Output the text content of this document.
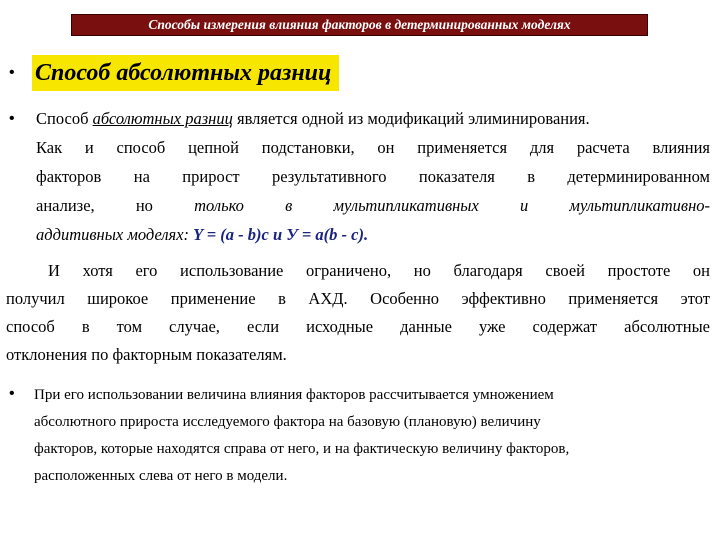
Способы измерения влияния факторов в детерминированных моделях
• Способ абсолютных разниц
• Способ абсолютных разниц является одной из модификаций элиминирования.
Как и способ цепной подстановки, он применяется для расчета влияния
факторов на прирост результативного показателя в детерминированном
анализе, но только в мультипликативных и мультипликативно-
аддитивных моделях: Y = (a - b)c и У = a(b - c).
И хотя его использование ограничено, но благодаря своей простоте он
получил широкое применение в АХД. Особенно эффективно применяется этот
способ в том случае, если исходные данные уже содержат абсолютные
отклонения по факторным показателям.
• При его использовании величина влияния факторов рассчитывается умножением
абсолютного прироста исследуемого фактора на базовую (плановую) величину
факторов, которые находятся справа от него, и на фактическую величину факторов,
расположенных слева от него в модели.
